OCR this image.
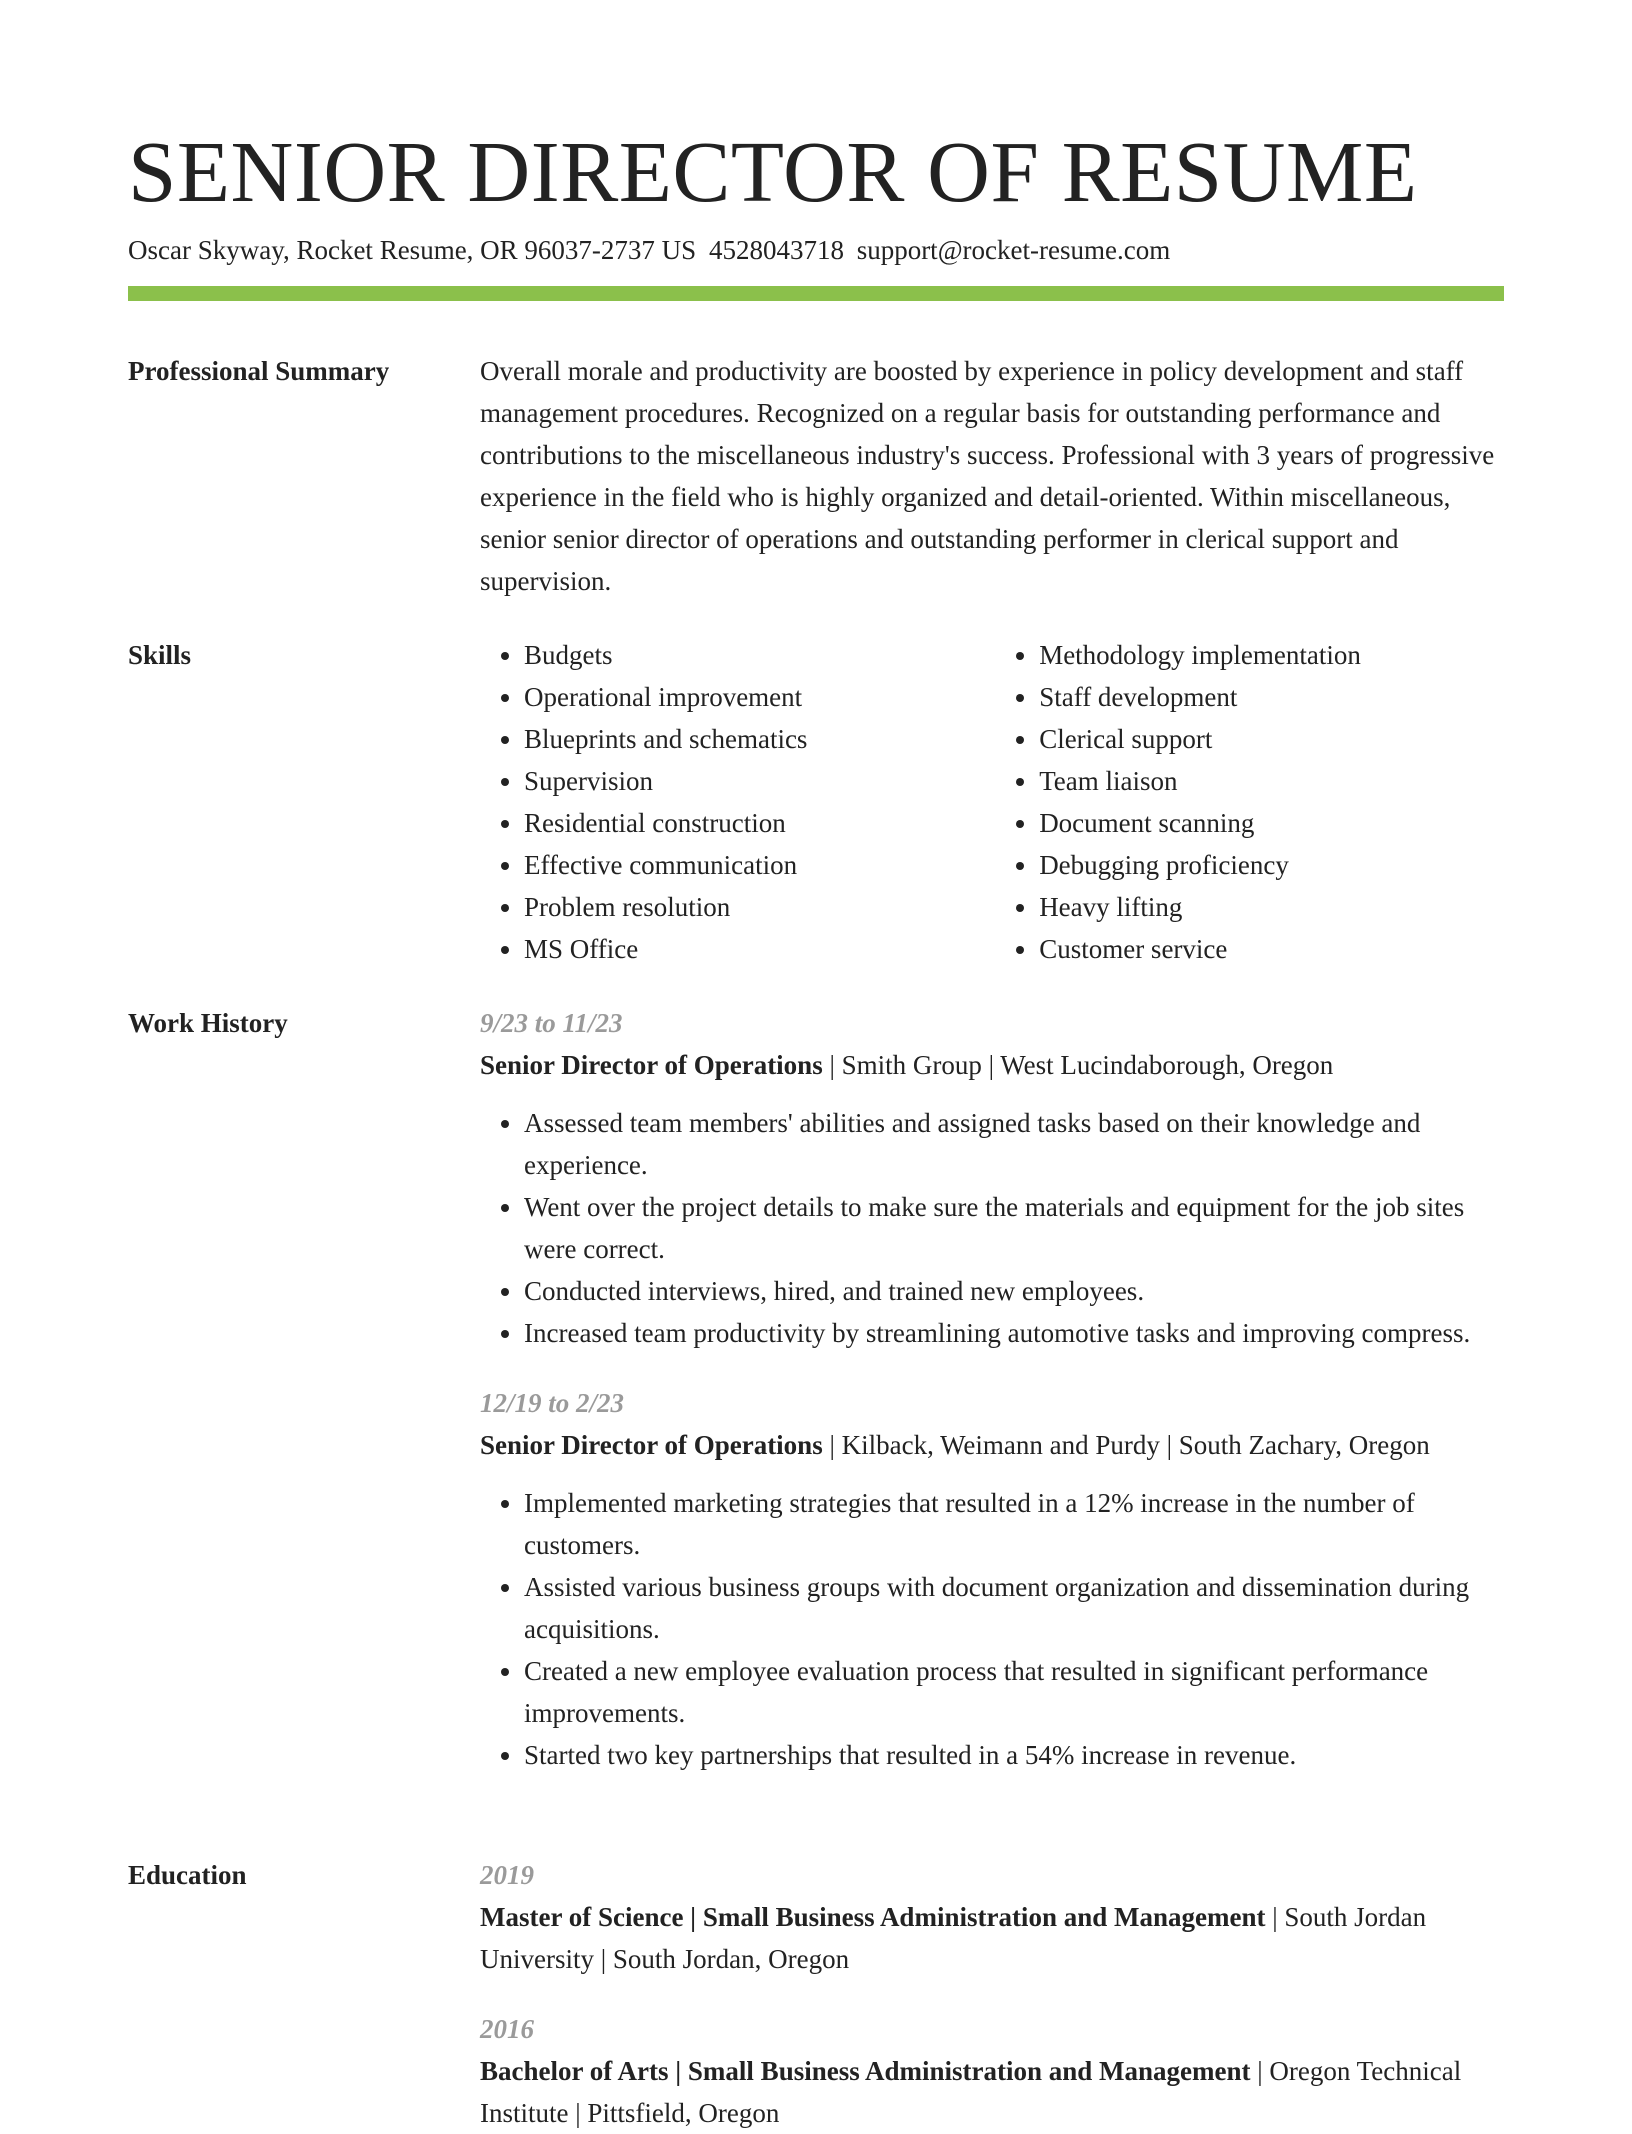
SENIOR DIRECTOR OF RESUME
Oscar Skyway, Rocket Resume, OR 96037-2737 US 4528043718 support@rocket-resume.com
Professional Summary	Overall morale and productivity are boosted by experience in policy development and staff management procedures. Recognized on a regular basis for outstanding performance and contributions to the miscellaneous industry's success. Professional with 3 years of progressive experience in the field who is highly organized and detail-oriented. Within miscellaneous, senior senior director of operations and outstanding performer in clerical support and supervision.

Skills
•	Budgets
• Operational improvement
• Blueprints and schematics
• Supervision
• Residential construction
• Effective communication
• Problem resolution
• MS Office
• Methodology implementation
• Staff development
• Clerical support
• Team liaison
• Document scanning
• Debugging proficiency
• Heavy lifting
• Customer service
Work History	9/23 to 11/23

Senior Director of Operations | Smith Group | West Lucindaborough, Oregon

• Assessed team members' abilities and assigned tasks based on their knowledge and experience.
• Went over the project details to make sure the materials and equipment for the job sites were correct.
• Conducted interviews, hired, and trained new employees.
• Increased team productivity by streamlining automotive tasks and improving compress.
12/19 to 2/23

Senior Director of Operations | Kilback, Weimann and Purdy | South Zachary, Oregon

• Implemented marketing strategies that resulted in a 12% increase in the number of customers.
• Assisted various business groups with document organization and dissemination during acquisitions.
• Created a new employee evaluation process that resulted in significant performance improvements.
• Started two key partnerships that resulted in a 54% increase in revenue.
Education	2019

Master of Science | Small Business Administration and Management | South Jordan University | South Jordan, Oregon

2016

Bachelor of Arts | Small Business Administration and Management | Oregon Technical Institute | Pittsfield, Oregon
